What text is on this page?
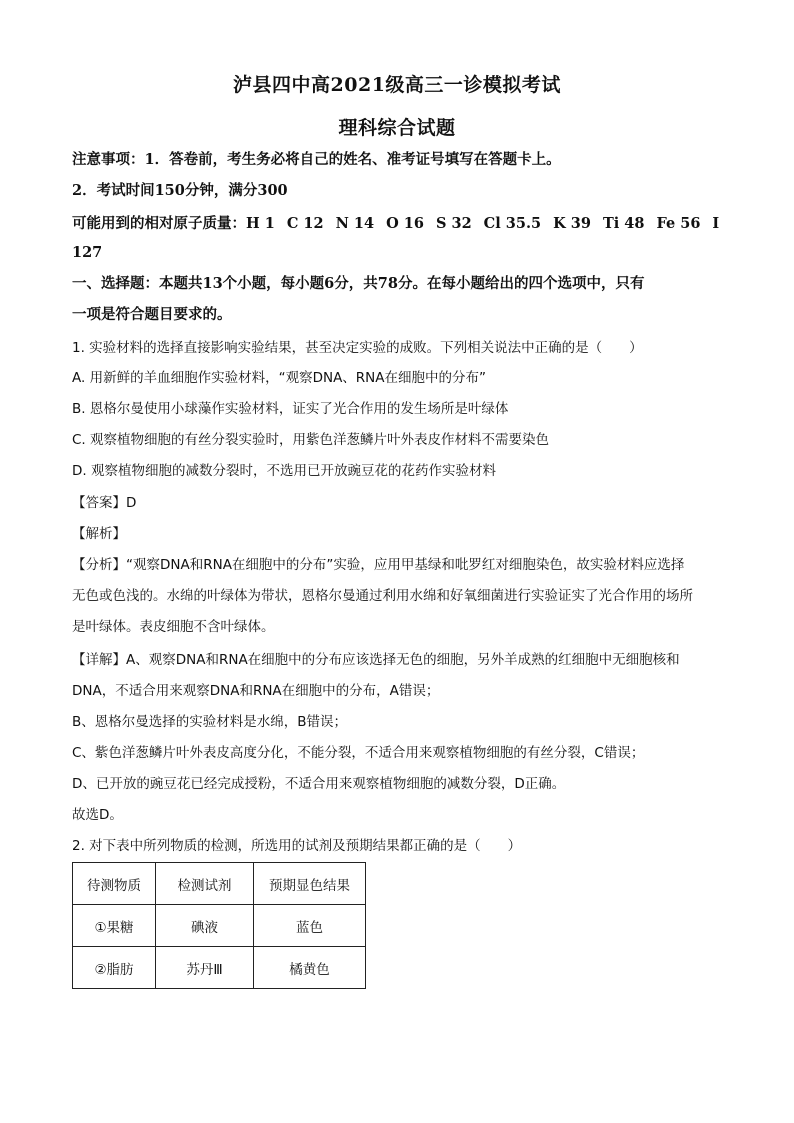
泸县四中高2021级高三一诊模拟考试
理科综合试题
注意事项：1．答卷前，考生务必将自己的姓名、准考证号填写在答题卡上。
2．考试时间150分钟，满分300
可能用到的相对原子质量：H 1 C 12 N 14 O 16 S 32 Cl 35.5 K 39 Ti 48 Fe 56 I
127
一、选择题：本题共13个小题，每小题6分，共78分。在每小题给出的四个选项中，只有
一项是符合题目要求的。
1. 实验材料的选择直接影响实验结果，甚至决定实验的成败。下列相关说法中正确的是（　　）
A. 用新鲜的羊血细胞作实验材料，“观察DNA、RNA在细胞中的分布”
B. 恩格尔曼使用小球藻作实验材料，证实了光合作用的发生场所是叶绿体
C. 观察植物细胞的有丝分裂实验时，用紫色洋葱鳞片叶外表皮作材料不需要染色
D. 观察植物细胞的减数分裂时，不选用已开放豌豆花的花药作实验材料
【答案】D
【解析】
【分析】“观察DNA和RNA在细胞中的分布”实验，应用甲基绿和吡罗红对细胞染色，故实验材料应选择
无色或色浅的。水绵的叶绿体为带状，恩格尔曼通过利用水绵和好氧细菌进行实验证实了光合作用的场所
是叶绿体。表皮细胞不含叶绿体。
【详解】A、观察DNA和RNA在细胞中的分布应该选择无色的细胞，另外羊成熟的红细胞中无细胞核和
DNA，不适合用来观察DNA和RNA在细胞中的分布，A错误；
B、恩格尔曼选择的实验材料是水绵，B错误；
C、紫色洋葱鳞片叶外表皮高度分化，不能分裂，不适合用来观察植物细胞的有丝分裂，C错误；
D、已开放的豌豆花已经完成授粉，不适合用来观察植物细胞的减数分裂，D正确。
故选D。
2. 对下表中所列物质的检测，所选用的试剂及预期结果都正确的是（　　）
待测物质	检测试剂	预期显色结果
①果糖	碘液	蓝色
②脂肪	苏丹Ⅲ	橘黄色
